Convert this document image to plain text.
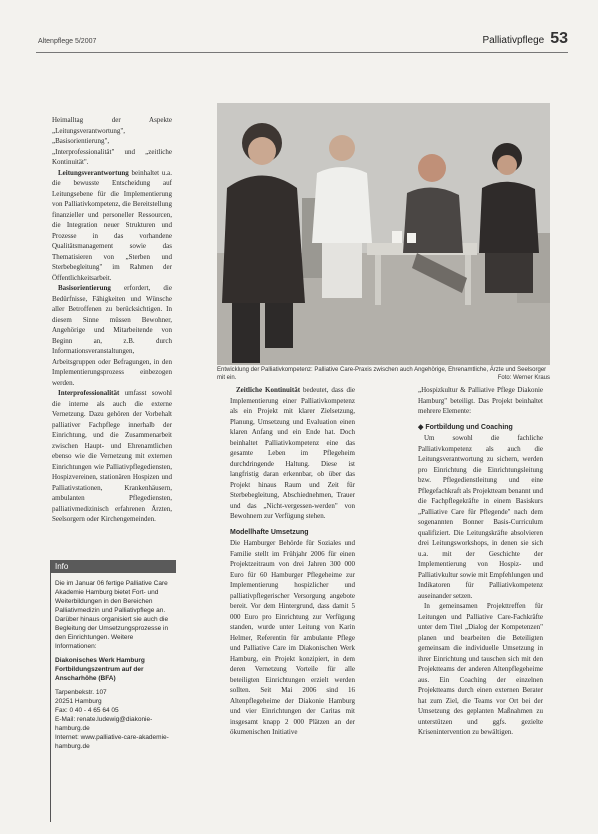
Altenpflege 5/2007	Palliativpflege 53

Heimalltag der Aspekte „Leitungsverantwortung", „Basisorientierung", „Interprofessionalität" und „zeitliche Kontinuität".

Leitungsverantwortung beinhaltet u.a. die bewusste Entscheidung auf Leitungsebene für die Implementierung von Palliativkompetenz, die Bereitstellung finanzieller und personeller Ressourcen, die Integration neuer Strukturen und Prozesse in das vorhandene Qualitätsmanagement sowie das Thematisieren von „Sterben und Sterbebegleitung" im Rahmen der Öffentlichkeitsarbeit.

Basisorientierung erfordert, die Bedürfnisse, Fähigkeiten und Wünsche aller Betroffenen zu berücksichtigen. In diesem Sinne müssen Bewohner, Angehörige und Mitarbeitende von Beginn an, z.B. durch Informationsveranstaltungen, Arbeitsgruppen oder Befragungen, in den Implementierungsprozess einbezogen werden.

Interprofessionalität umfasst sowohl die interne als auch die externe Vernetzung. Dazu gehören der Vorbehalt palliativer Fachpflege innerhalb der Einrichtung, und die Zusammenarbeit zwischen Haupt- und Ehrenamtlichen ebenso wie die Vernetzung mit externen Einrichtungen wie Palliativpflegediensten, Hospizvereinen, stationären Hospizen und Palliativstationen, Krankenhäusern, ambulanten Pflegediensten, palliativmedizinisch erfahrenen Ärzten, Seelsorgern oder Kirchengemeinden.

Entwicklung der Palliativkompetenz: Palliative Care-Praxis zwischen auch Angehörige, Ehrenamtliche, Ärzte und Seelsorger mit ein.	Foto: Werner Kraus

Zeitliche Kontinuität bedeutet, dass die Implementierung einer Palliativkompetenz als ein Projekt mit klarer Zielsetzung, Planung, Umsetzung und Evaluation einen klaren Anfang und ein Ende hat. Doch beinhaltet Palliativkompetenz eine das gesamte Leben im Pflegeheim durchdringende Haltung. Diese ist langfristig daran erkennbar, ob über das Projekt hinaus Raum und Zeit für Sterbebegleitung, Abschiednehmen, Trauer und das „Nicht-vergessen-werden" von Bewohnern zur Verfügung stehen.

Modellhafte Umsetzung

Die Hamburger Behörde für Soziales und Familie stellt im Frühjahr 2006 für einen Projektzeitraum von drei Jahren 300 000 Euro für 60 Hamburger Pflegeheime zur Implementierung hospizlicher und palliativpflegerischer Versorgung angebote bereit. Vor dem Hintergrund, dass damit 5 000 Euro pro Einrichtung zur Verfügung standen, wurde unter Leitung von Karin Helmer, Referentin für ambulante Pflege und Palliative Care im Diakonischen Werk Hamburg, ein Projekt konzipiert, in dem deren Vernetzung Vorteile für alle beteiligten Einrichtungen erzielt werden sollten. Seit Mai 2006 sind 16 Altenpflegeheime der Diakonie Hamburg und vier Einrichtungen der Caritas mit insgesamt knapp 2 000 Plätzen an der ökumenischen Initiative

„Hospizkultur & Palliative Pflege Diakonie Hamburg" beteiligt. Das Projekt beinhaltet mehrere Elemente:

◆ Fortbildung und Coaching

Um sowohl die fachliche Palliativkompetenz als auch die Leitungsverantwortung zu sichern, werden pro Einrichtung die Einrichtungsleitung bzw. Pflegedienstleitung und eine Pflegefachkraft als Projektteam benannt und die Fachpflegekräfte in einem Basiskurs „Palliative Care für Pflegende" nach dem sogenannten Bonner Basis-Curriculum qualifiziert. Die Leitungskräfte absolvieren drei Leitungsworkshops, in denen sie sich u.a. mit der Geschichte der Implementierung von Hospiz- und Palliativkultur sowie mit Empfehlungen und Indikatoren für Palliativkompetenz auseinander setzen.

In gemeinsamen Projekttreffen für Leitungen und Palliative Care-Fachkräfte unter dem Titel „Dialog der Kompetenzen" planen und bearbeiten die Beteiligten gemeinsam die individuelle Umsetzung in ihrer Einrichtung und tauschen sich mit den Projektteams der anderen Altenpflegeheime aus. Ein Coaching der einzelnen Projektteams durch einen externen Berater hat zum Ziel, die Teams vor Ort bei der Umsetzung des geplanten Maßnahmen zu unterstützen und ggfs. gezielte Krisenintervention zu bewältigen.

Info

Die im Januar 06 fertige Palliative Care Akademie Hamburg bietet Fort- und Weiterbildungen in den Bereichen Palliativmedizin und Palliativpflege an. Darüber hinaus organisiert sie auch die Begleitung der Umsetzungsprozesse in den Einrichtungen. Weitere Informationen:

Diakonisches Werk Hamburg Fortbildungszentrum auf der Anscharhöhe (BFA)

Tarpenbekstr. 107

20251 Hamburg

Fax: 0 40 - 4 65 64 05

E-Mail: renate.ludewig@diakonie-hamburg.de

Internet: www.palliative-care-akademie-hamburg.de
